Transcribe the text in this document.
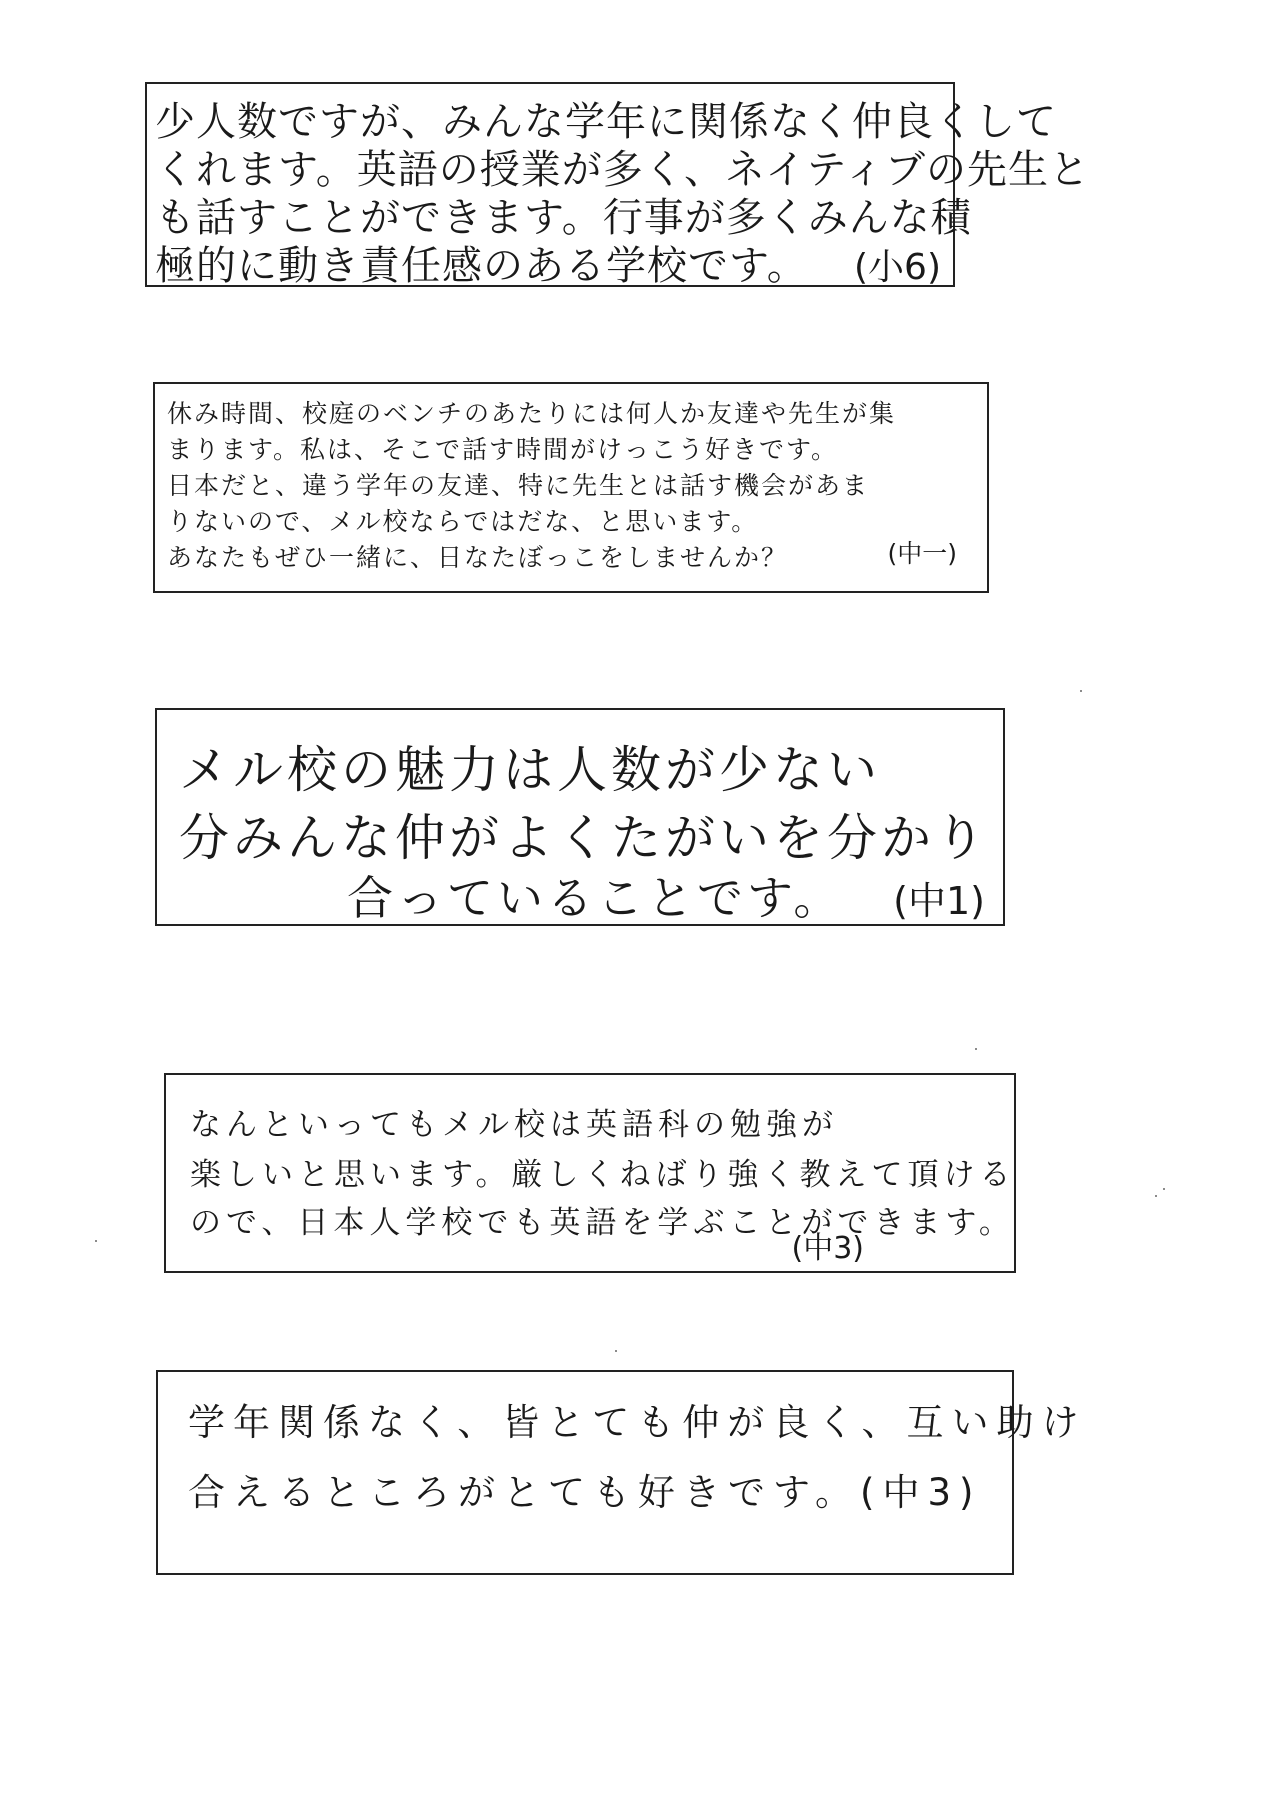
少人数ですが、みんな学年に関係なく仲良くして
くれます。英語の授業が多く、ネイティブの先生と
も話すことができます。行事が多くみんな積
極的に動き責任感のある学校です。 (小6)
休み時間、校庭のベンチのあたりには何人か友達や先生が集
まります。私は、そこで話す時間がけっこう好きです。
日本だと、違う学年の友達、特に先生とは話す機会があま
りないので、メル校ならではだな、と思います。
あなたもぜひ一緒に、日なたぼっこをしませんか？	(中一)
メル校の魅力は人数が少ない
分みんな仲がよくたがいを分かり
合っていることです。 (中1)
なんといってもメル校は英語科の勉強が
楽しいと思います。厳しくねばり強く教えて頂ける
ので、日本人学校でも英語を学ぶことができます。
(中3)
学年関係なく、皆とても仲が良く、互い助け
合えるところがとても好きです。(中3)
